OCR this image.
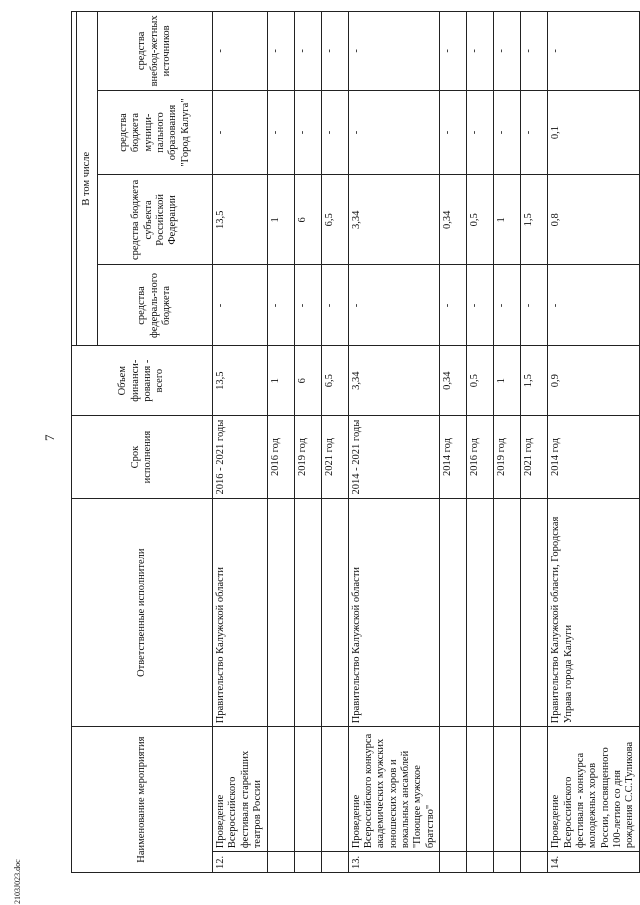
7
2103J023.doc
Наименование мероприятия		Ответственные исполнители	Срок исполнения	Объем финанси-рования - всего				
					В том числе			
					средства федераль-ного бюджета	средства бюджета субъекта Российской Федерации	средства бюджета муници-пального образования "Город Калуга"	средства внебюд-жетных источников
12.	Проведение Всероссийского фестиваля старейших театров России	Правительство Калужской области	2016 - 2021 годы	13,5	-	13,5	-	-
			2016 год	1	-	1	-	-
			2019 год	6	-	6	-	-
			2021 год	6,5	-	6,5	-	-
13.	Проведение Всероссийского конкурса академических мужских юношеских хоров и вокальных ансамблей "Поющее мужское братство"	Правительство Калужской области	2014 - 2021 годы	3,34	-	3,34	-	-
			2014 год	0,34	-	0,34	-	-
			2016 год	0,5	-	0,5	-	-
			2019 год	1	-	1	-	-
			2021 год	1,5	-	1,5	-	-
14.	Проведение Всероссийского фестиваля - конкурса молодежных хоров России, посвященного 100-летию со дня рождения С.С.Туликова	Правительство Калужской области, Городская Управа города Калуги	2014 год	0,9	-	0,8	0,1	-
